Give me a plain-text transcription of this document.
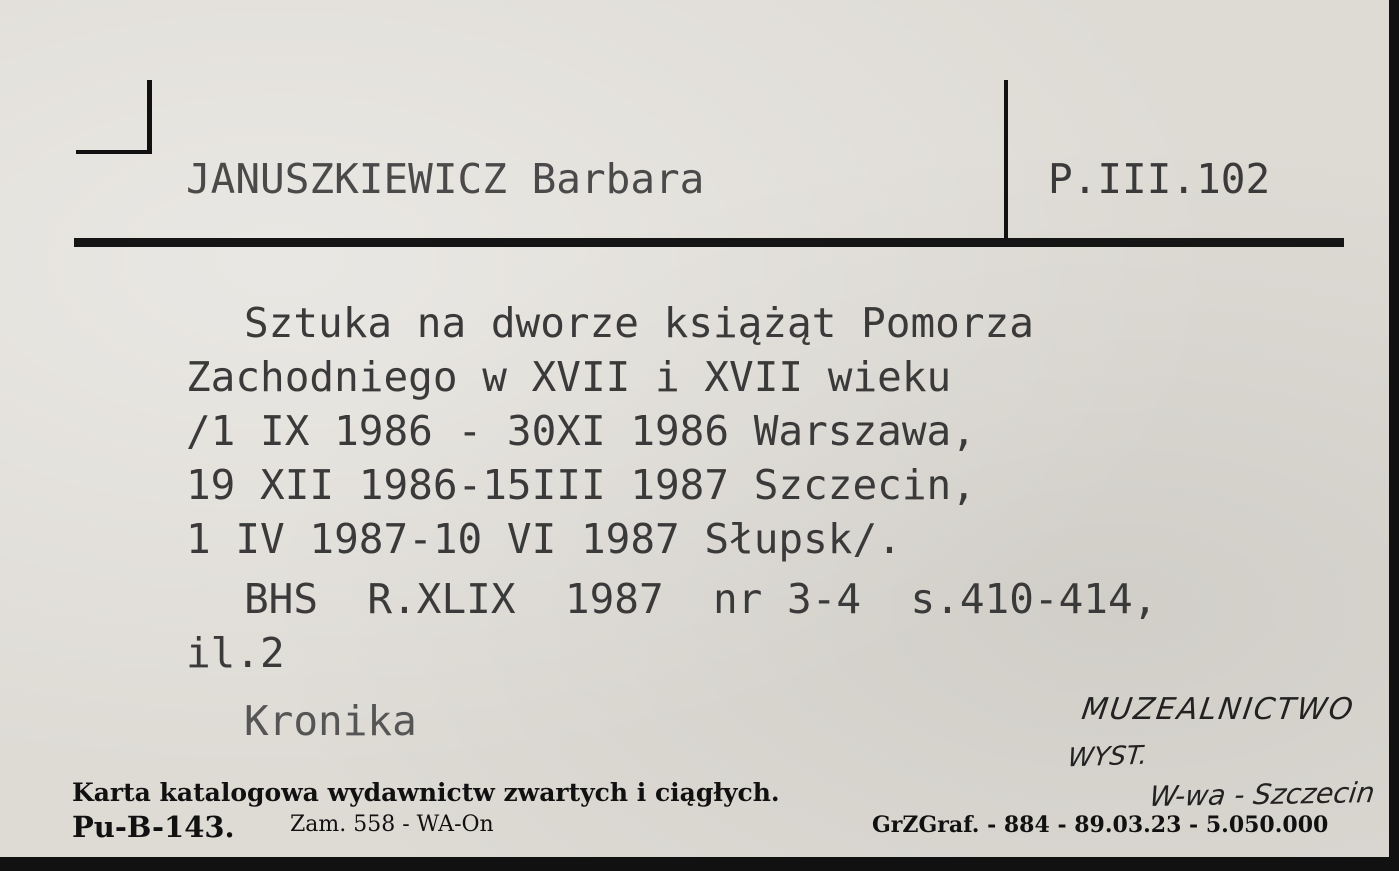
JANUSZKIEWICZ Barbara	P.III.102

Sztuka na dworze książąt Pomorza
Zachodniego w XVII i XVII wieku
/1 IX 1986 - 30XI 1986 Warszawa,
19 XII 1986-15III 1987 Szczecin,
1 IV 1987-10 VI 1987 Słupsk/.

BHS  R.XLIX  1987  nr 3-4  s.410-414,
il.2

Kronika	MUZEALNICTWO

WYST.

W-wa - Szczecin

Karta katalogowa wydawnictw zwartych i ciągłych.

Pu-B-143.	Zam. 558 - WA-On	GrZGraf. - 884 - 89.03.23 - 5.050.000
